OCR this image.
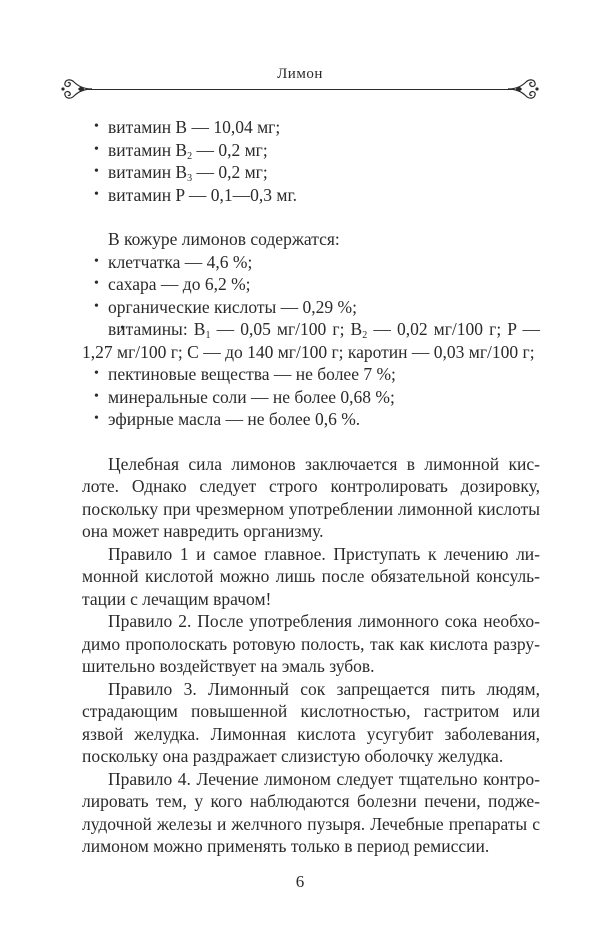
Лимон
• витамин B — 10,04 мг;
• витамин $B_2$ — 0,2 мг;
• витамин $B_3$ — 0,2 мг;
• витамин P — 0,1—0,3 мг.

В кожуре лимонов содержатся:

• клетчатка — 4,6 %;
• сахара — до 6,2 %;
• органические кислоты — 0,29 %;
• витамины: $B_1$ — 0,05 мг/100 г; $B_2$ — 0,02 мг/100 г; P — 1,27 мг/100 г; C — до 140 мг/100 г; каротин — 0,03 мг/100 г;
• пектиновые вещества — не более 7 %;
• минеральные соли — не более 0,68 %;
• эфирные масла — не более 0,6 %.

Целебная сила лимонов заключается в лимонной кислоте. Однако следует строго контролировать дозировку, поскольку при чрезмерном употреблении лимонной кислоты она может навредить организму.

Правило 1 и самое главное. Приступать к лечению лимонной кислотой можно лишь после обязательной консультации с лечащим врачом!

Правило 2. После употребления лимонного сока необходимо прополоскать ротовую полость, так как кислота разрушительно воздействует на эмаль зубов.

Правило 3. Лимонный сок запрещается пить людям, страдающим повышенной кислотностью, гастритом или язвой желудка. Лимонная кислота усугубит заболевания, поскольку она раздражает слизистую оболочку желудка.

Правило 4. Лечение лимоном следует тщательно контролировать тем, у кого наблюдаются болезни печени, поджелудочной железы и желчного пузыря. Лечебные препараты с лимоном можно применять только в период ремиссии.

6
